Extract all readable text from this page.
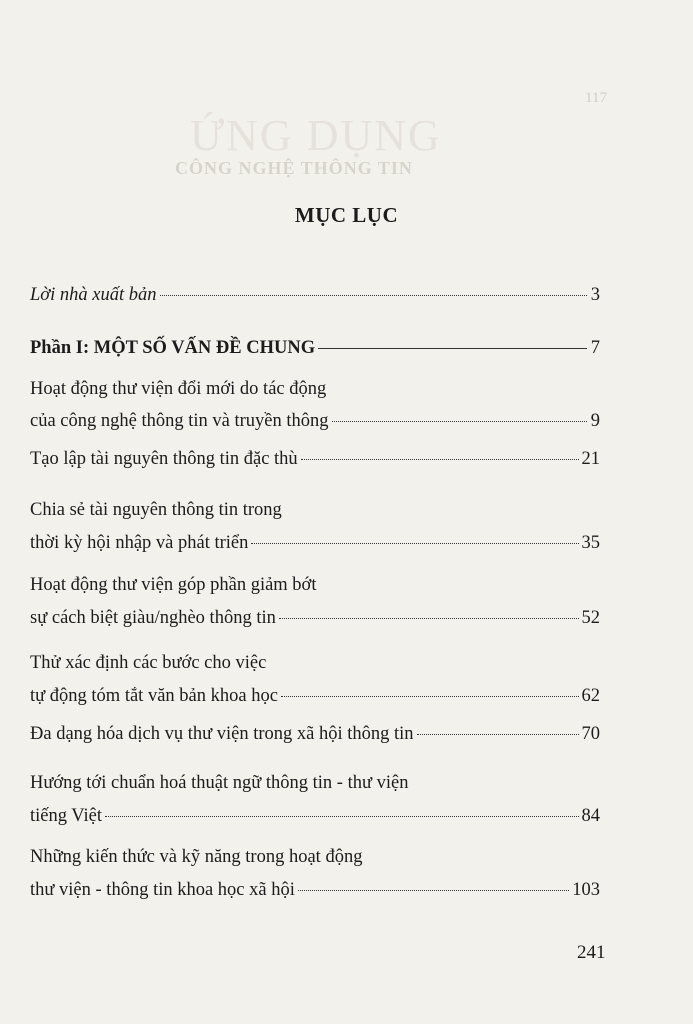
117
ỨNG DỤNG
CÔNG NGHỆ THÔNG TIN
MỤC LỤC
Lời nhà xuất bản	3
Phần I: MỘT SỐ VẤN ĐỀ CHUNG	7
Hoạt động thư viện đổi mới do tác động
của công nghệ thông tin và truyền thông	9
Tạo lập tài nguyên thông tin đặc thù	21
Chia sẻ tài nguyên thông tin trong
thời kỳ hội nhập và phát triển	35
Hoạt động thư viện góp phần giảm bớt
sự cách biệt giàu/nghèo thông tin	52
Thử xác định các bước cho việc
tự động tóm tắt văn bản khoa học	62
Đa dạng hóa dịch vụ thư viện trong xã hội thông tin	70
Hướng tới chuẩn hoá thuật ngữ thông tin - thư viện
tiếng Việt	84
Những kiến thức và kỹ năng trong hoạt động
thư viện - thông tin khoa học xã hội	103
241
